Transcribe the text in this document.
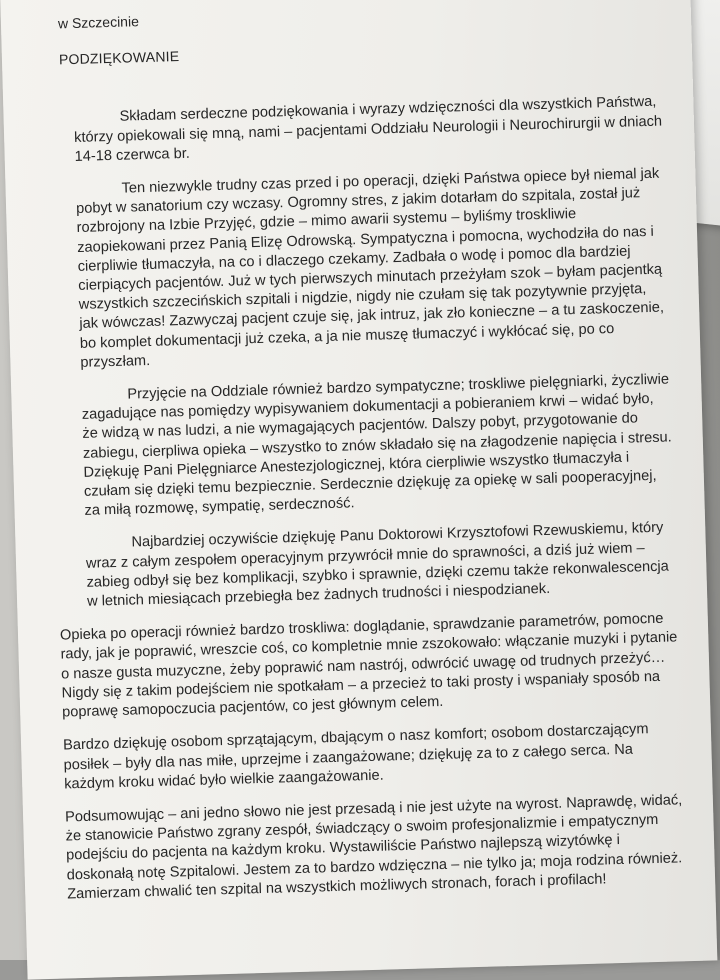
w Szczecinie
PODZIĘKOWANIE

Składam serdeczne podziękowania i wyrazy wdzięczności dla wszystkich Państwa, którzy opiekowali się mną, nami – pacjentami Oddziału Neurologii i Neurochirurgii w dniach 14-18 czerwca br.

Ten niezwykle trudny czas przed i po operacji, dzięki Państwa opiece był niemal jak pobyt w sanatorium czy wczasy. Ogromny stres, z jakim dotarłam do szpitala, został już rozbrojony na Izbie Przyjęć, gdzie – mimo awarii systemu – byliśmy troskliwie zaopiekowani przez Panią Elizę Odrowską. Sympatyczna i pomocna, wychodziła do nas i cierpliwie tłumaczyła, na co i dlaczego czekamy. Zadbała o wodę i pomoc dla bardziej cierpiących pacjentów. Już w tych pierwszych minutach przeżyłam szok – byłam pacjentką wszystkich szczecińskich szpitali i nigdzie, nigdy nie czułam się tak pozytywnie przyjęta, jak wówczas! Zazwyczaj pacjent czuje się, jak intruz, jak zło konieczne – a tu zaskoczenie, bo komplet dokumentacji już czeka, a ja nie muszę tłumaczyć i wykłócać się, po co przyszłam.

Przyjęcie na Oddziale również bardzo sympatyczne; troskliwe pielęgniarki, życzliwie zagadujące nas pomiędzy wypisywaniem dokumentacji a pobieraniem krwi – widać było, że widzą w nas ludzi, a nie wymagających pacjentów. Dalszy pobyt, przygotowanie do zabiegu, cierpliwa opieka – wszystko to znów składało się na złagodzenie napięcia i stresu. Dziękuję Pani Pielęgniarce Anestezjologicznej, która cierpliwie wszystko tłumaczyła i czułam się dzięki temu bezpiecznie. Serdecznie dziękuję za opiekę w sali pooperacyjnej, za miłą rozmowę, sympatię, serdeczność.

Najbardziej oczywiście dziękuję Panu Doktorowi Krzysztofowi Rzewuskiemu, który wraz z całym zespołem operacyjnym przywrócił mnie do sprawności, a dziś już wiem – zabieg odbył się bez komplikacji, szybko i sprawnie, dzięki czemu także rekonwalescencja w letnich miesiącach przebiegła bez żadnych trudności i niespodzianek.

Opieka po operacji również bardzo troskliwa: doglądanie, sprawdzanie parametrów, pomocne rady, jak je poprawić, wreszcie coś, co kompletnie mnie zszokowało: włączanie muzyki i pytanie o nasze gusta muzyczne, żeby poprawić nam nastrój, odwrócić uwagę od trudnych przeżyć… Nigdy się z takim podejściem nie spotkałam – a przecież to taki prosty i wspaniały sposób na poprawę samopoczucia pacjentów, co jest głównym celem.

Bardzo dziękuję osobom sprzątającym, dbającym o nasz komfort; osobom dostarczającym posiłek – były dla nas miłe, uprzejme i zaangażowane; dziękuję za to z całego serca. Na każdym kroku widać było wielkie zaangażowanie.

Podsumowując – ani jedno słowo nie jest przesadą i nie jest użyte na wyrost. Naprawdę, widać, że stanowicie Państwo zgrany zespół, świadczący o swoim profesjonalizmie i empatycznym podejściu do pacjenta na każdym kroku. Wystawiliście Państwo najlepszą wizytówkę i doskonałą notę Szpitalowi. Jestem za to bardzo wdzięczna – nie tylko ja; moja rodzina również. Zamierzam chwalić ten szpital na wszystkich możliwych stronach, forach i profilach!
